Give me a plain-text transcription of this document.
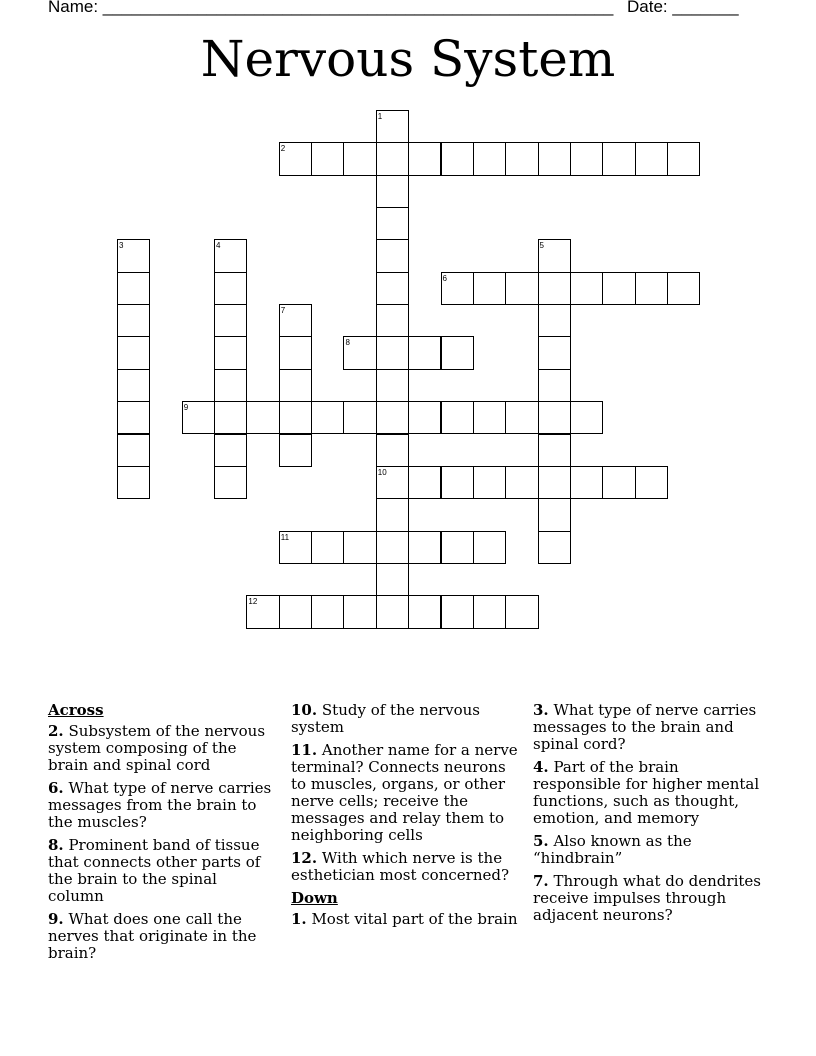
Name: ______________________________________________________ Date: _______
Nervous System
2
6
8
9
10
11
12
1
3	4	5
7
Across
2. Subsystem of the nervous system composing of the brain and spinal cord
6. What type of nerve carries messages from the brain to the muscles?
8. Prominent band of tissue that connects other parts of the brain to the spinal column
9. What does one call the nerves that originate in the brain?
10. Study of the nervous system
11. Another name for a nerve terminal? Connects neurons to muscles, organs, or other nerve cells; receive the messages and relay them to neighboring cells
12. With which nerve is the esthetician most concerned?
Down
1. Most vital part of the brain
3. What type of nerve carries messages to the brain and spinal cord?
4. Part of the brain responsible for higher mental functions, such as thought, emotion, and memory
5. Also known as the “hindbrain”
7. Through what do dendrites receive impulses through adjacent neurons?
